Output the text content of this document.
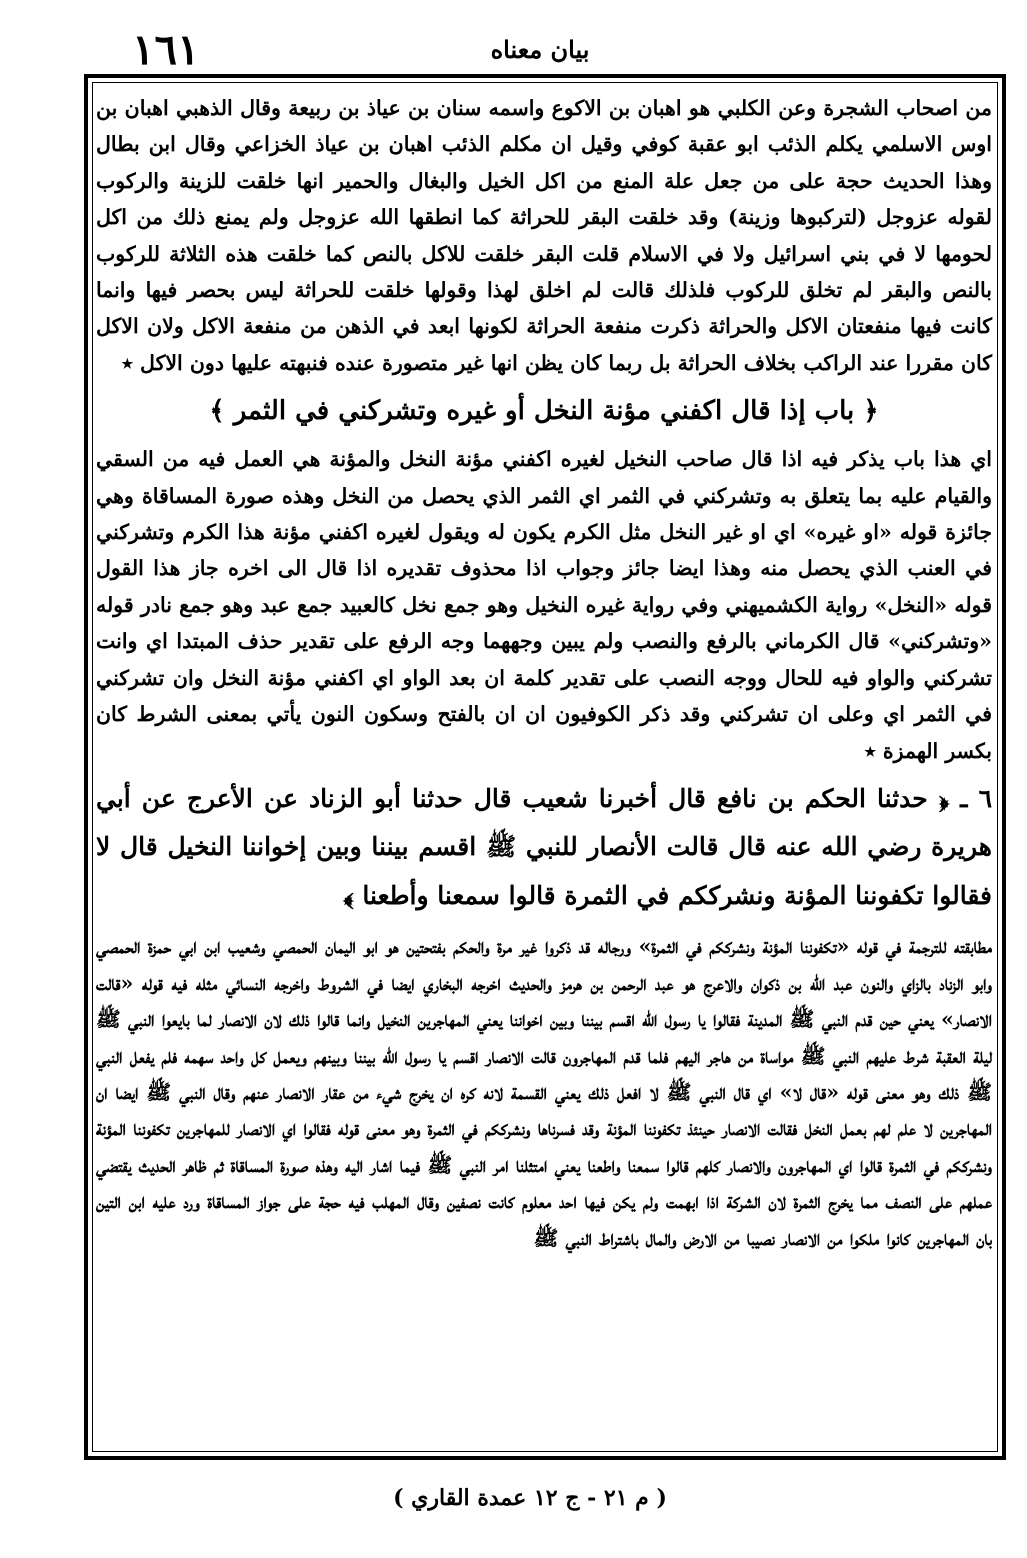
١٦١	بيان معناه

من اصحاب الشجرة وعن الكلبي هو اهبان بن الاكوع واسمه سنان بن عياذ بن ربيعة وقال الذهبي اهبان بن اوس الاسلمي يكلم الذئب ابو عقبة كوفي وقيل ان مكلم الذئب اهبان بن عياذ الخزاعي وقال ابن بطال وهذا الحديث حجة على من جعل علة المنع من اكل الخيل والبغال والحمير انها خلقت للزينة والركوب لقوله عزوجل (لتركبوها وزينة) وقد خلقت البقر للحراثة كما انطقها الله عزوجل ولم يمنع ذلك من اكل لحومها لا في بني اسرائيل ولا في الاسلام قلت البقر خلقت للاكل بالنص كما خلقت هذه الثلاثة للركوب بالنص والبقر لم تخلق للركوب فلذلك قالت لم اخلق لهذا وقولها خلقت للحراثة ليس بحصر فيها وانما كانت فيها منفعتان الاكل والحراثة ذكرت منفعة الحراثة لكونها ابعد في الذهن من منفعة الاكل ولان الاكل كان مقررا عند الراكب بخلاف الحراثة بل ربما كان يظن انها غير متصورة عنده فنبهته عليها دون الاكل ٭

﴿ باب إذا قال اكفني مؤنة النخل أو غيره وتشركني في الثمر ﴾

اي هذا باب يذكر فيه اذا قال صاحب النخيل لغيره اكفني مؤنة النخل والمؤنة هي العمل فيه من السقي والقيام عليه بما يتعلق به وتشركني في الثمر اي الثمر الذي يحصل من النخل وهذه صورة المساقاة وهي جائزة قوله «او غيره» اي او غير النخل مثل الكرم يكون له ويقول لغيره اكفني مؤنة هذا الكرم وتشركني في العنب الذي يحصل منه وهذا ايضا جائز وجواب اذا محذوف تقديره اذا قال الى اخره جاز هذا القول قوله «النخل» رواية الكشميهني وفي رواية غيره النخيل وهو جمع نخل كالعبيد جمع عبد وهو جمع نادر قوله «وتشركني» قال الكرماني بالرفع والنصب ولم يبين وجههما وجه الرفع على تقدير حذف المبتدا اي وانت تشركني والواو فيه للحال ووجه النصب على تقدير كلمة ان بعد الواو اي اكفني مؤنة النخل وان تشركني في الثمر اي وعلى ان تشركني وقد ذكر الكوفيون ان ان بالفتح وسكون النون يأتي بمعنى الشرط كان بكسر الهمزة ٭

٦ ـ ﴿ حدثنا الحكم بن نافع قال أخبرنا شعيب قال حدثنا أبو الزناد عن الأعرج عن أبي هريرة رضي الله عنه قال قالت الأنصار للنبي ﷺ اقسم بيننا وبين إخواننا النخيل قال لا فقالوا تكفوننا المؤنة ونشرككم في الثمرة قالوا سمعنا وأطعنا ﴾

مطابقته للترجمة في قوله «تكفوننا المؤنة ونشرككم في الثمرة» ورجاله قد ذكروا غير مرة والحكم بفتحتين هو ابو اليمان الحمصي وشعيب ابن ابي حمزة الحمصي وابو الزناد بالزاي والنون عبد الله بن ذكوان والاعرج هو عبد الرحمن بن هرمز والحديث اخرجه البخاري ايضا في الشروط واخرجه النسائي مثله فيه قوله «قالت الانصار» يعني حين قدم النبي ﷺ المدينة فقالوا يا رسول الله اقسم بيننا وبين اخواننا يعني المهاجرين النخيل وانما قالوا ذلك لان الانصار لما بايعوا النبي ﷺ ليلة العقبة شرط عليهم النبي ﷺ مواساة من هاجر اليهم فلما قدم المهاجرون قالت الانصار اقسم يا رسول الله بيننا وبينهم ويعمل كل واحد سهمه فلم يفعل النبي ﷺ ذلك وهو معنى قوله «قال لا» اي قال النبي ﷺ لا افعل ذلك يعني القسمة لانه كره ان يخرج شيء من عقار الانصار عنهم وقال النبي ﷺ ايضا ان المهاجرين لا علم لهم بعمل النخل فقالت الانصار حينئذ تكفوننا المؤنة وقد فسرناها ونشرككم في الثمرة وهو معنى قوله فقالوا اي الانصار للمهاجرين تكفوننا المؤنة ونشرككم في الثمرة قالوا اي المهاجرون والانصار كلهم قالوا سمعنا واطعنا يعني امتثلنا امر النبي ﷺ فيما اشار اليه وهذه صورة المساقاة ثم ظاهر الحديث يقتضي عملهم على النصف مما يخرج الثمرة لان الشركة اذا ابهمت ولم يكن فيها احد معلوم كانت نصفين وقال المهلب فيه حجة على جواز المساقاة ورد عليه ابن التين بان المهاجرين كانوا ملكوا من الانصار نصيبا من الارض والمال باشتراط النبي ﷺ

( م ٢١ - ج ١٢ عمدة القاري )
